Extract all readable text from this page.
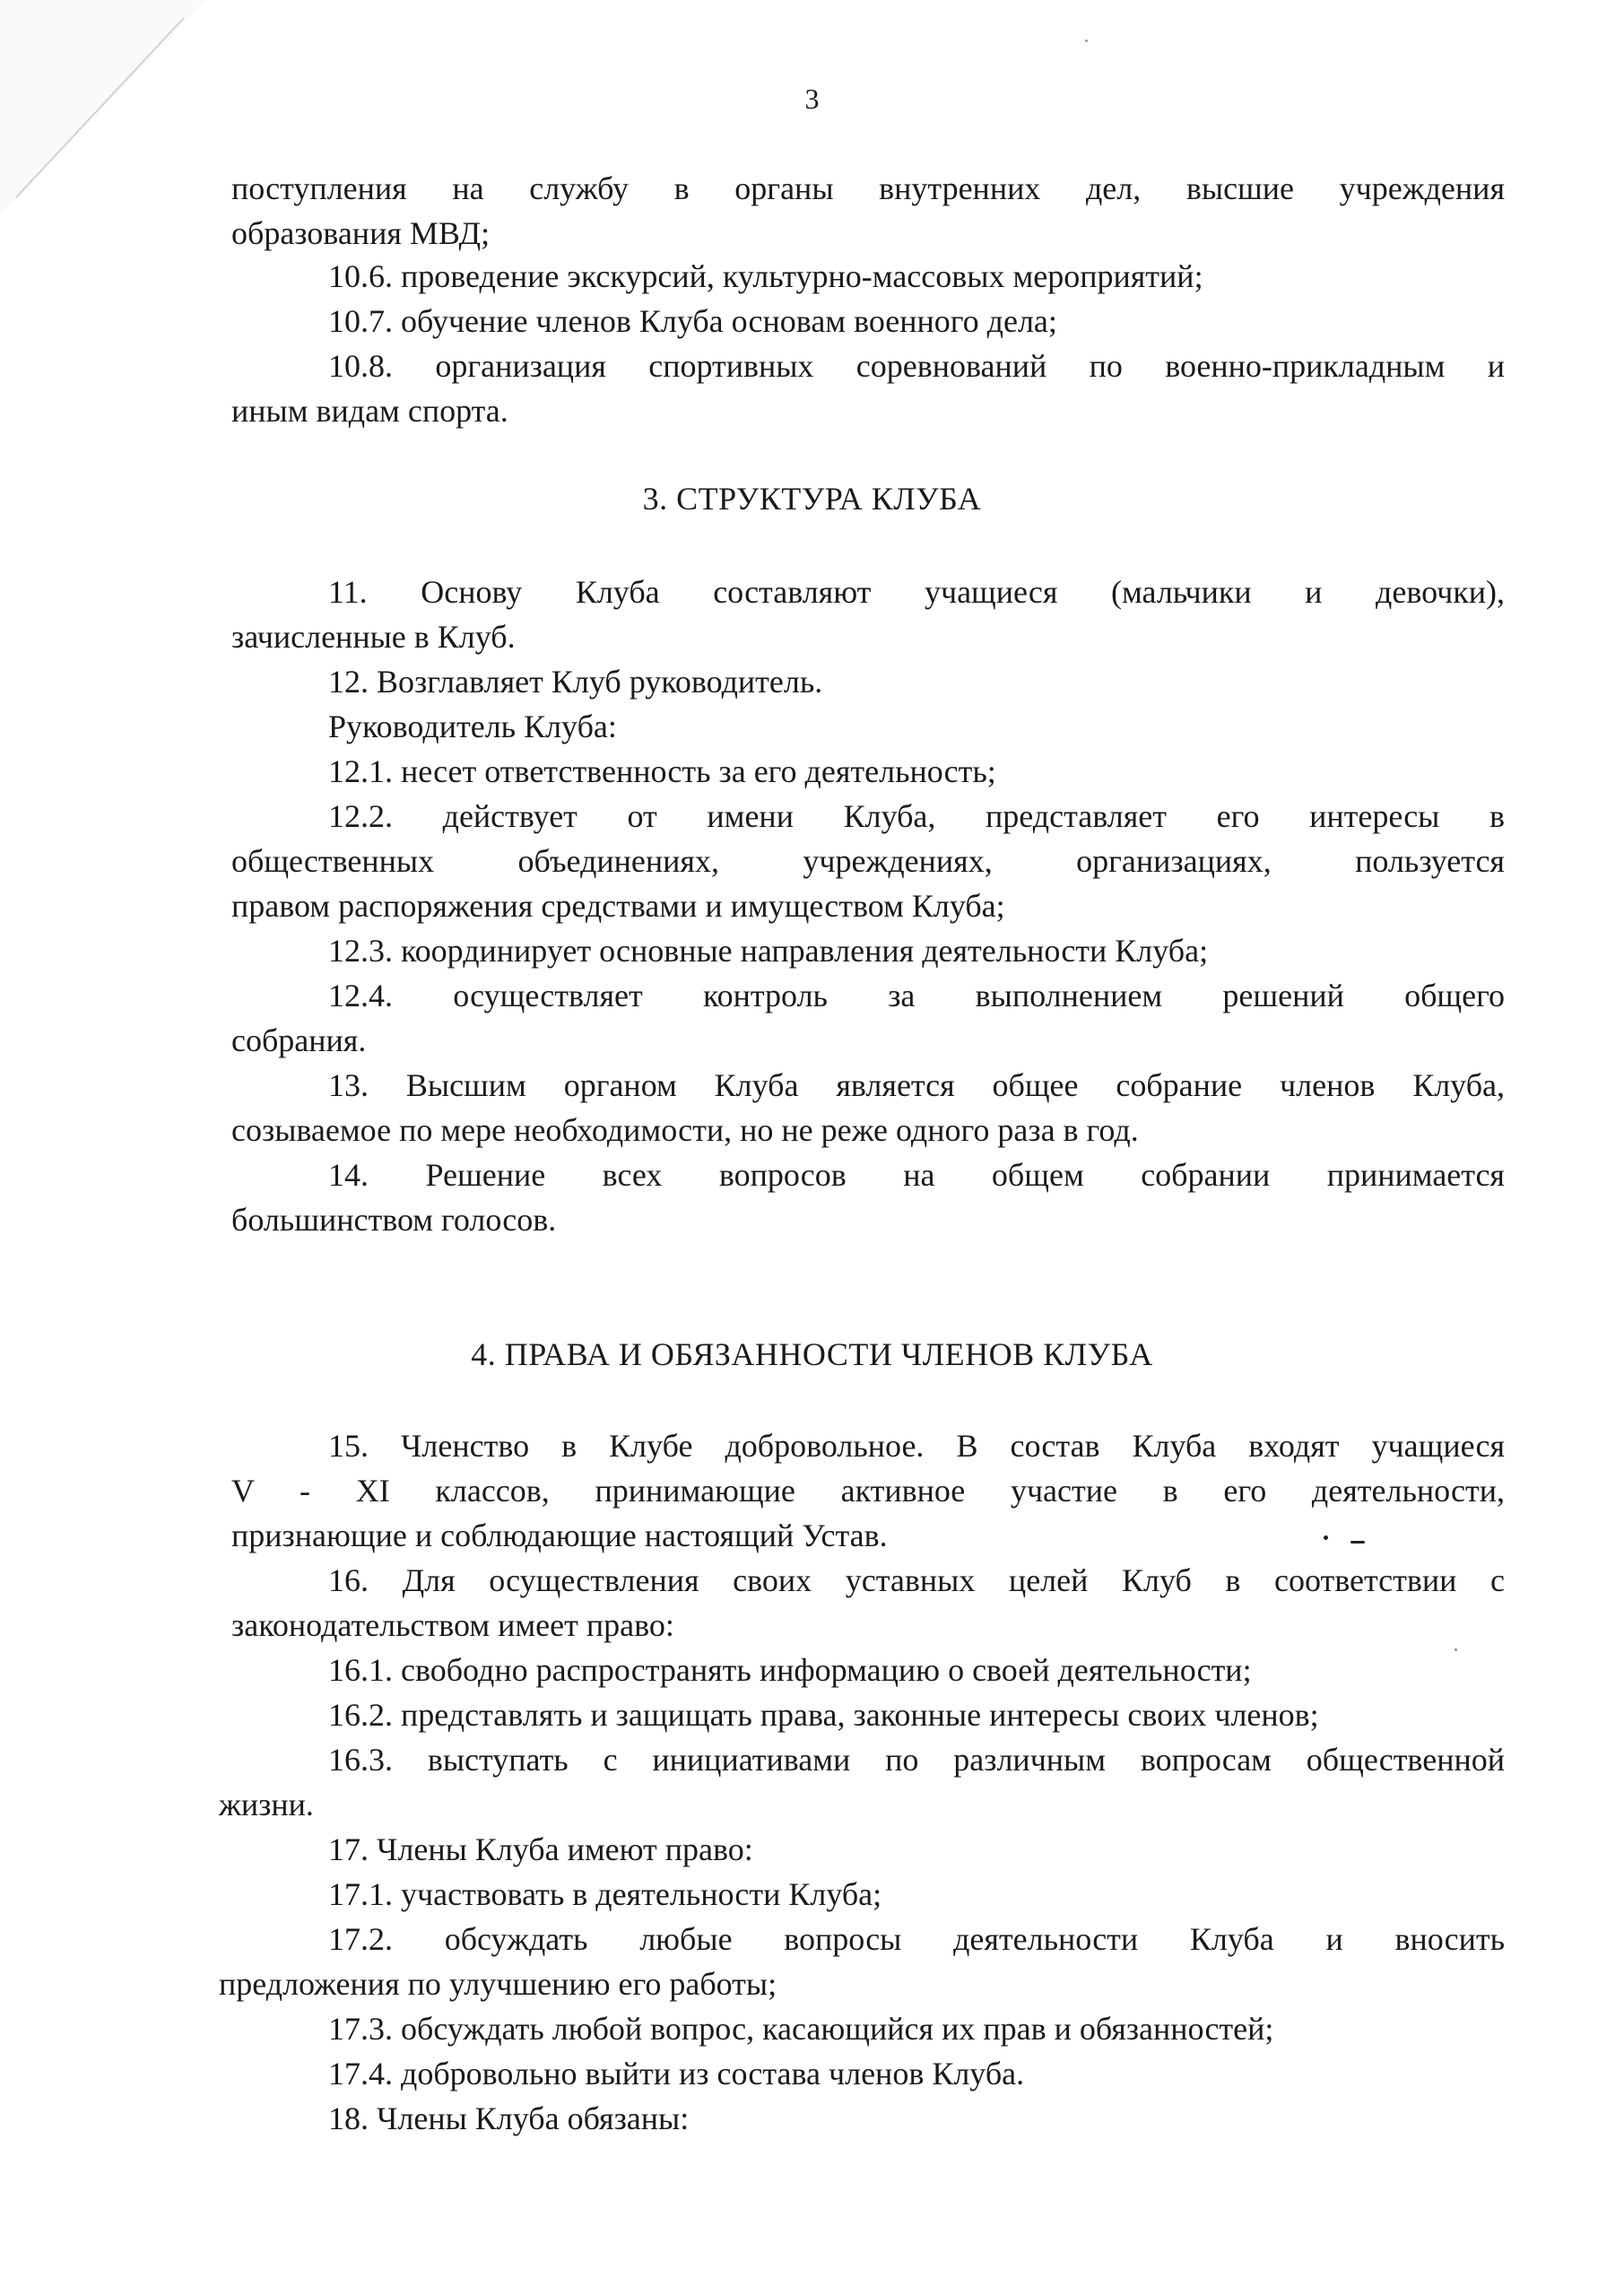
3
поступления на службу в органы внутренних дел, высшие учреждения
образования МВД;
10.6. проведение экскурсий, культурно-массовых мероприятий;
10.7. обучение членов Клуба основам военного дела;
10.8. организация спортивных соревнований по военно-прикладным и
иным видам спорта.
3. СТРУКТУРА КЛУБА
11. Основу Клуба составляют учащиеся (мальчики и девочки),
зачисленные в Клуб.
12. Возглавляет Клуб руководитель.
Руководитель Клуба:
12.1. несет ответственность за его деятельность;
12.2. действует от имени Клуба, представляет его интересы в
общественных объединениях, учреждениях, организациях, пользуется
правом распоряжения средствами и имуществом Клуба;
12.3. координирует основные направления деятельности Клуба;
12.4. осуществляет контроль за выполнением решений общего
собрания.
13. Высшим органом Клуба является общее собрание членов Клуба,
созываемое по мере необходимости, но не реже одного раза в год.
14. Решение всех вопросов на общем собрании принимается
большинством голосов.
4. ПРАВА И ОБЯЗАННОСТИ ЧЛЕНОВ КЛУБА
15. Членство в Клубе добровольное. В состав Клуба входят учащиеся
V - XI классов, принимающие активное участие в его деятельности,
признающие и соблюдающие настоящий Устав.
16. Для осуществления своих уставных целей Клуб в соответствии с
законодательством имеет право:
16.1. свободно распространять информацию о своей деятельности;
16.2. представлять и защищать права, законные интересы своих членов;
16.3. выступать с инициативами по различным вопросам общественной
жизни.
17. Члены Клуба имеют право:
17.1. участвовать в деятельности Клуба;
17.2. обсуждать любые вопросы деятельности Клуба и вносить
предложения по улучшению его работы;
17.3. обсуждать любой вопрос, касающийся их прав и обязанностей;
17.4. добровольно выйти из состава членов Клуба.
18. Члены Клуба обязаны:
